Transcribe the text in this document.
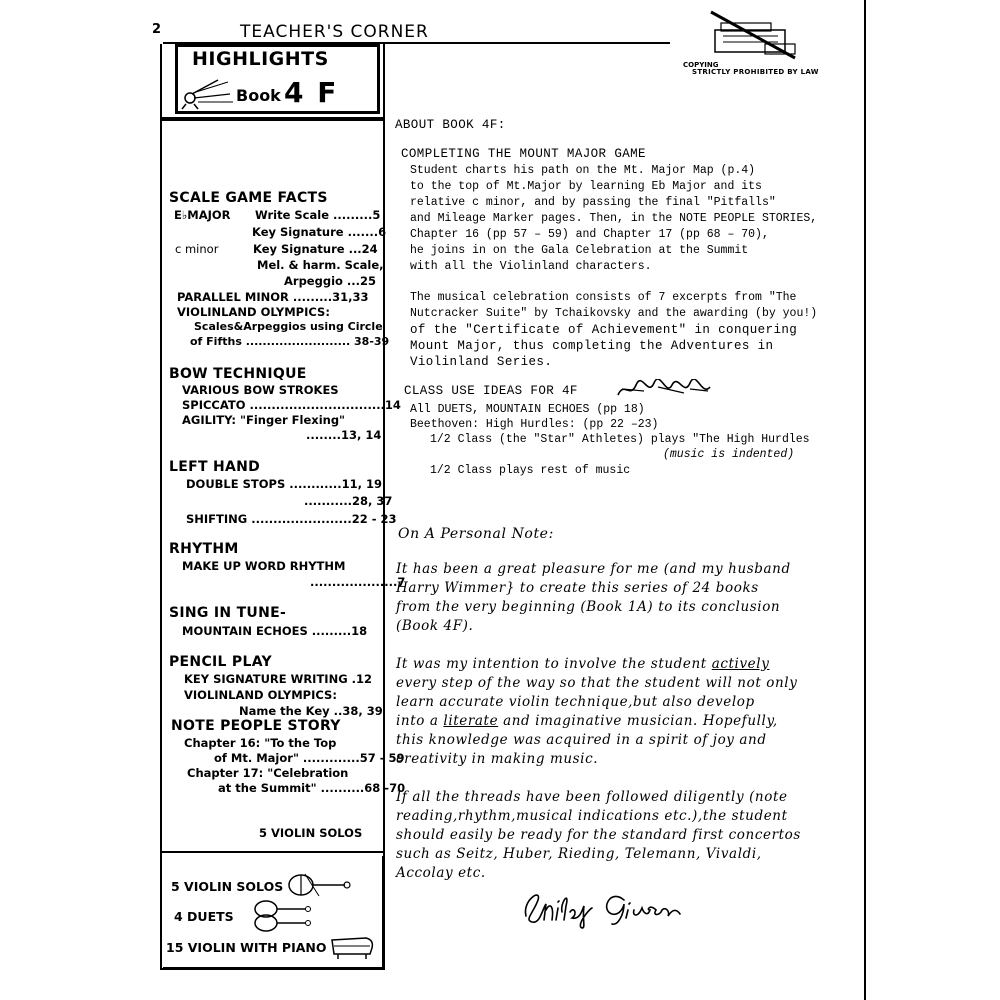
2	TEACHER'S CORNER
COPYING
STRICTLY PROHIBITED BY LAW
HIGHLIGHTS
Book 4 F
SCALE GAME FACTS
E♭MAJOR Write Scale .........5
Key Signature .......6
c minor	Key Signature ...24
Mel. & harm. Scale,
Arpeggio ...25
PARALLEL MINOR .........31,33
VIOLINLAND OLYMPICS:
Scales&Arpeggios using Circle
of Fifths ......................... 38-39
BOW TECHNIQUE
VARIOUS BOW STROKES
SPICCATO ...............................14
AGILITY: "Finger Flexing"
........13, 14
LEFT HAND
DOUBLE STOPS ............11, 19
...........28, 37
SHIFTING .......................22 - 23
RHYTHM
MAKE UP WORD RHYTHM
....................7
SING IN TUNE-
MOUNTAIN ECHOES .........18
PENCIL PLAY
KEY SIGNATURE WRITING .12
VIOLINLAND OLYMPICS:
Name the Key ..38, 39
NOTE PEOPLE STORY
Chapter 16: "To the Top
of Mt. Major" .............57 - 59
Chapter 17: "Celebration
at the Summit" ..........68 -70
5 VIOLIN SOLOS
5 VIOLIN SOLOS
4 DUETS
15 VIOLIN WITH PIANO
ABOUT BOOK 4F:
COMPLETING THE MOUNT MAJOR GAME
Student charts his path on the Mt. Major Map (p.4)
to the top of Mt.Major by learning Eb Major and its
relative c minor, and by passing the final "Pitfalls"
and Mileage Marker pages. Then, in the NOTE PEOPLE STORIES,
Chapter 16 (pp 57 – 59) and Chapter 17 (pp 68 – 70),
he joins in on the Gala Celebration at the Summit
with all the Violinland characters.
The musical celebration consists of 7 excerpts from "The
Nutcracker Suite" by Tchaikovsky and the awarding (by you!)
of the "Certificate of Achievement" in conquering
Mount Major, thus completing the Adventures in
Violinland Series.
CLASS USE IDEAS FOR 4F
All DUETS, MOUNTAIN ECHOES (pp 18)
Beethoven: High Hurdles: (pp 22 –23)
1/2 Class (the "Star" Athletes) plays "The High Hurdles
(music is indented)
1/2 Class plays rest of music
On A Personal Note:
It has been a great pleasure for me (and my husband
Harry Wimmer} to create this series of 24 books
from the very beginning (Book 1A) to its conclusion
(Book 4F).
It was my intention to involve the student actively
every step of the way so that the student will not only
learn accurate violin technique,but also develop
into a literate and imaginative musician. Hopefully,
this knowledge was acquired in a spirit of joy and
creativity in making music.
If all the threads have been followed diligently (note
reading,rhythm,musical indications etc.),the student
should easily be ready for the standard first concertos
such as Seitz, Huber, Rieding, Telemann, Vivaldi,
Accolay etc.
